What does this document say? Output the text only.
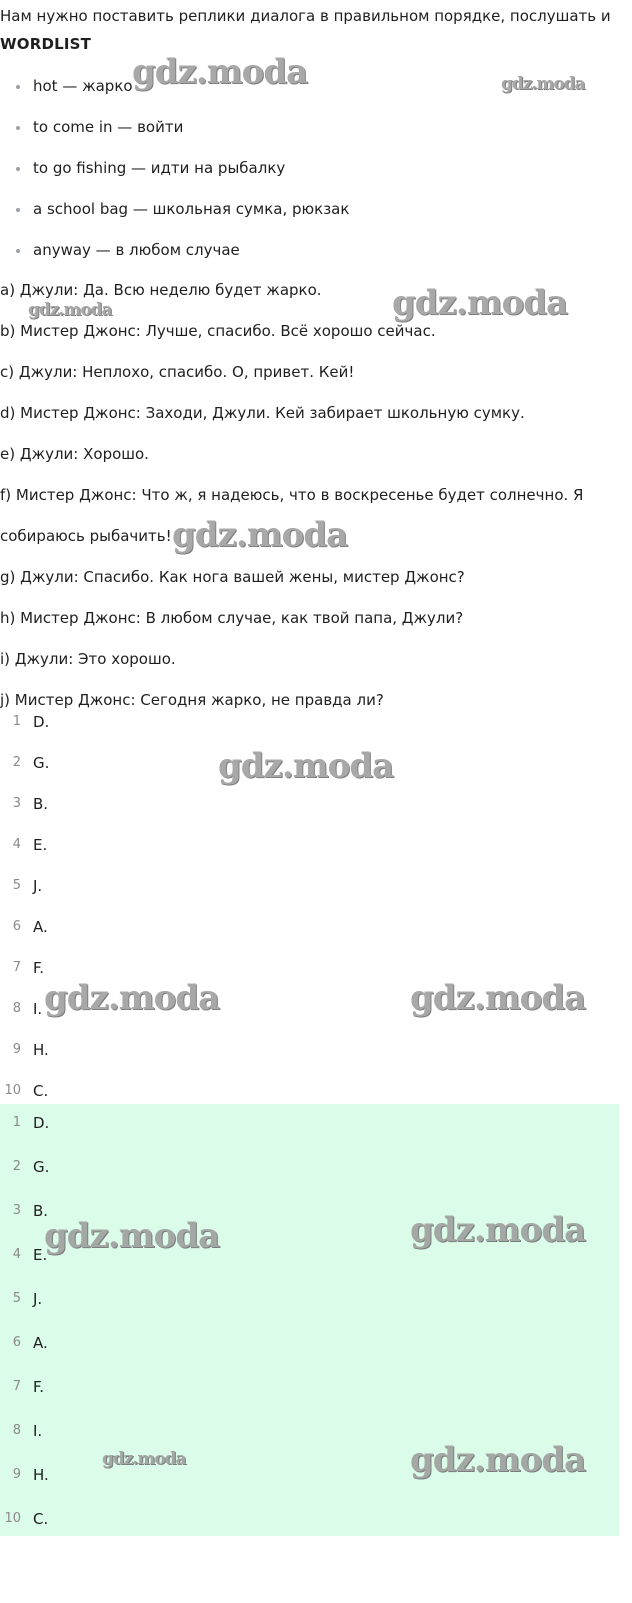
Нам нужно поставить реплики диалога в правильном порядке, послушать и
WORDLIST
hot — жарко
to come in — войти
to go fishing — идти на рыбалку
a school bag — школьная сумка, рюкзак
anyway — в любом случае
a) Джули: Да. Всю неделю будет жарко.
b) Мистер Джонс: Лучше, спасибо. Всё хорошо сейчас.
c) Джули: Неплохо, спасибо. О, привет. Кей!
d) Мистер Джонс: Заходи, Джули. Кей забирает школьную сумку.
e) Джули: Хорошо.
f) Мистер Джонс: Что ж, я надеюсь, что в воскресенье будет солнечно. Я
собираюсь рыбачить!
g) Джули: Спасибо. Как нога вашей жены, мистер Джонс?
h) Мистер Джонс: В любом случае, как твой папа, Джули?
i) Джули: Это хорошо.
j) Мистер Джонс: Сегодня жарко, не правда ли?
1 D.
2 G.
3 B.
4 E.
5 J.
6 A.
7 F.
8 I.
9 H.
10 C.
1 D.
2 G.
3 B.
4 E.
5 J.
6 A.
7 F.
8 I.
9 H.
10 C.
gdz.moda	gdz.moda
gdz.moda	gdz.moda
gdz.moda
gdz.moda
gdz.moda	gdz.moda
gdz.moda	gdz.moda
gdz.moda	gdz.moda
